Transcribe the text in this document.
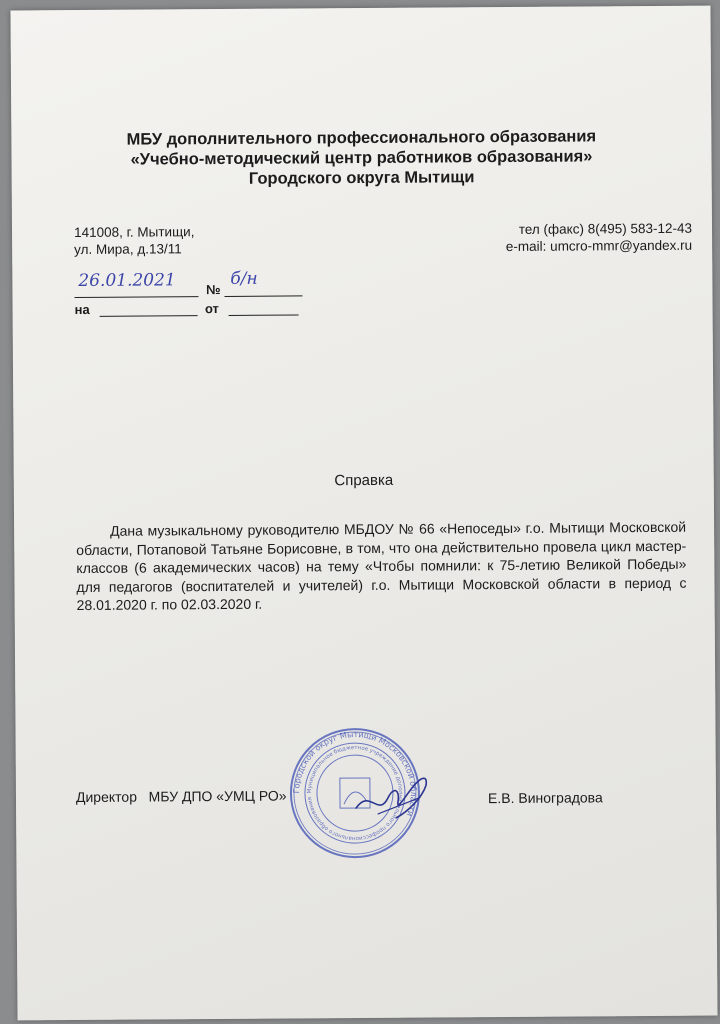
МБУ дополнительного профессионального образования
«Учебно-методический центр работников образования»
Городского округа Мытищи
141008, г. Мытищи,
ул. Мира, д.13/11
тел (факс) 8(495) 583-12-43
e-mail: umcro-mmr@yandex.ru
№
26.01.2021	б/н
на	от
Справка

Дана музыкальному руководителю МБДОУ № 66 «Непоседы» г.о. Мытищи Московской области, Потаповой Татьяне Борисовне, в том, что она действительно провела цикл мастер-классов (6 академических часов) на тему «Чтобы помнили: к 75-летию Великой Победы» для педагогов (воспитателей и учителей) г.о. Мытищи Московской области в период с 28.01.2020 г. по 02.03.2020 г.

Директор   МБУ ДПО «УМЦ РО»	Е.В. Виноградова
Городской округ Мытищи Московской области
Муниципальное бюджетное учреждение дополнительного профессионального образования
